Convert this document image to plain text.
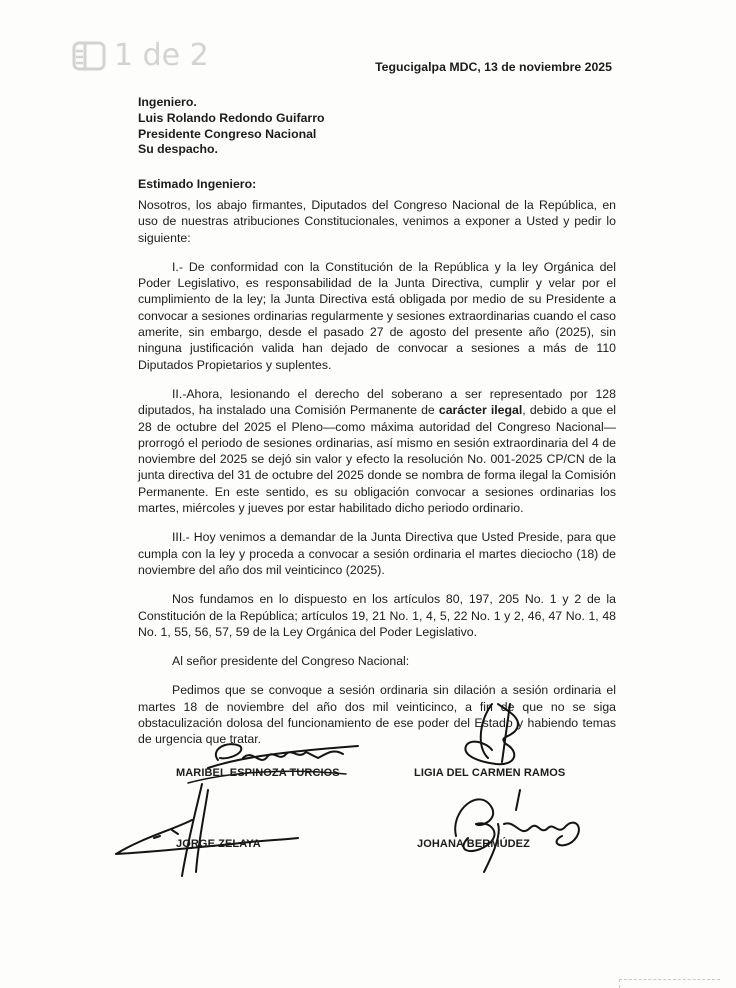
1 de 2	Tegucigalpa MDC, 13 de noviembre 2025
Ingeniero.
Luis Rolando Redondo Guifarro
Presidente Congreso Nacional
Su despacho.
Estimado Ingeniero:

Nosotros, los abajo firmantes, Diputados del Congreso Nacional de la República, en uso de nuestras atribuciones Constitucionales, venimos a exponer a Usted y pedir lo siguiente:

I.- De conformidad con la Constitución de la República y la ley Orgánica del Poder Legislativo, es responsabilidad de la Junta Directiva, cumplir y velar por el cumplimiento de la ley; la Junta Directiva está obligada por medio de su Presidente a convocar a sesiones ordinarias regularmente y sesiones extraordinarias cuando el caso amerite, sin embargo, desde el pasado 27 de agosto del presente año (2025), sin ninguna justificación valida han dejado de convocar a sesiones a más de 110 Diputados Propietarios y suplentes.

II.-Ahora, lesionando el derecho del soberano a ser representado por 128 diputados, ha instalado una Comisión Permanente de carácter ilegal, debido a que el 28 de octubre del 2025 el Pleno—como máxima autoridad del Congreso Nacional—prorrogó el periodo de sesiones ordinarias, así mismo en sesión extraordinaria del 4 de noviembre del 2025 se dejó sin valor y efecto la resolución No. 001-2025 CP/CN de la junta directiva del 31 de octubre del 2025 donde se nombra de forma ilegal la Comisión Permanente. En este sentido, es su obligación convocar a sesiones ordinarias los martes, miércoles y jueves por estar habilitado dicho periodo ordinario.

III.- Hoy venimos a demandar de la Junta Directiva que Usted Preside, para que cumpla con la ley y proceda a convocar a sesión ordinaria el martes dieciocho (18) de noviembre del año dos mil veinticinco (2025).

Nos fundamos en lo dispuesto en los artículos 80, 197, 205 No. 1 y 2 de la Constitución de la República; artículos 19, 21 No. 1, 4, 5, 22 No. 1 y 2, 46, 47 No. 1, 48 No. 1, 55, 56, 57, 59 de la Ley Orgánica del Poder Legislativo.

Al señor presidente del Congreso Nacional:

Pedimos que se convoque a sesión ordinaria sin dilación a sesión ordinaria el martes 18 de noviembre del año dos mil veinticinco, a fin de que no se siga obstaculización dolosa del funcionamiento de ese poder del Estado y habiendo temas de urgencia que tratar.

MARIBEL ESPINOZA TURCIOS	LIGIA DEL CARMEN RAMOS
JORGE ZELAYA	JOHANA BERMÚDEZ
